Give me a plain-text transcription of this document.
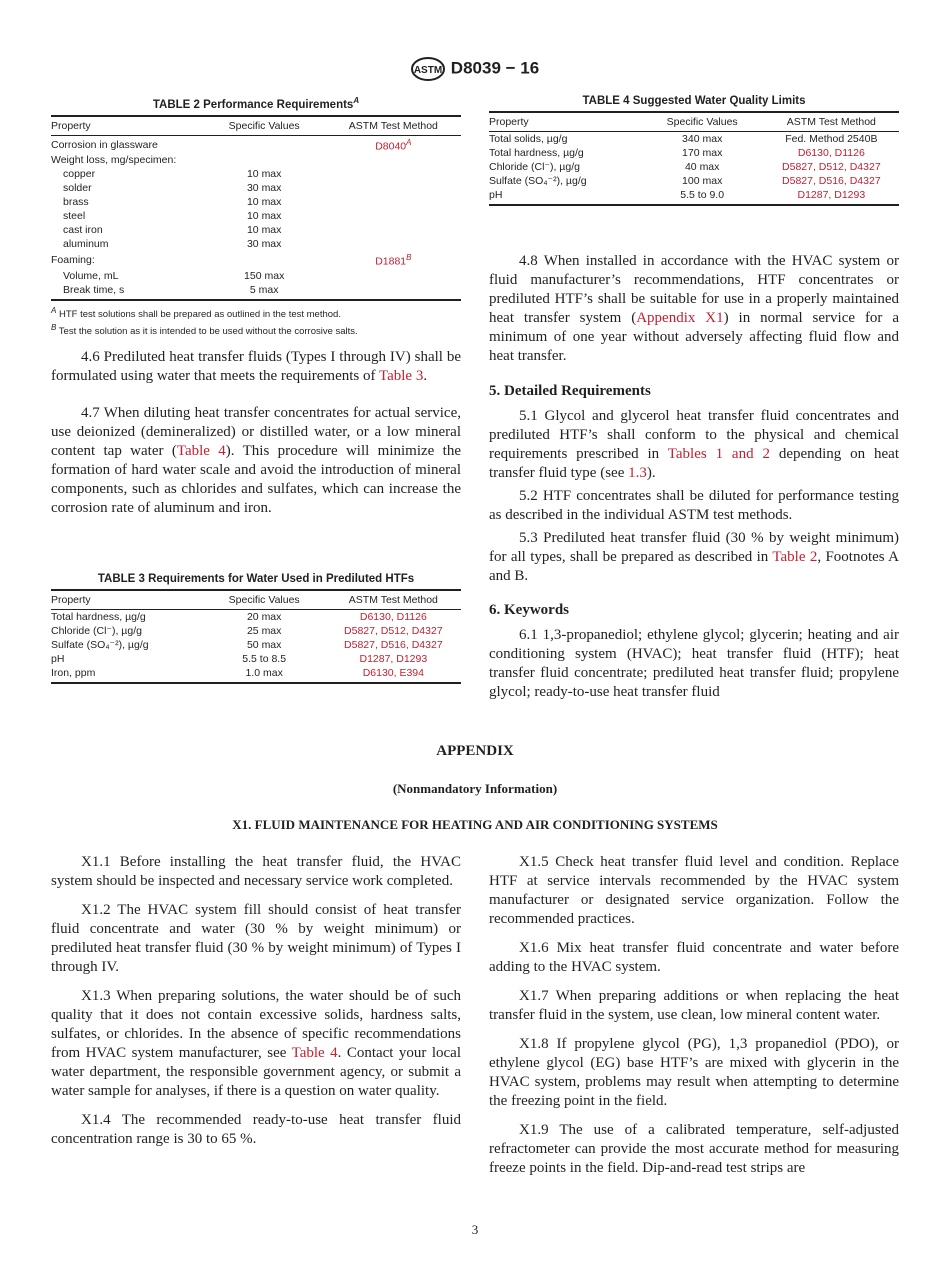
ASTM D8039 − 16
TABLE 2 Performance Requirements$^A$
Property	Specific Values	ASTM Test Method
Corrosion in glassware		$D8040^A$
Weight loss, mg/specimen:		
copper	10 max	
solder	30 max	
brass	10 max	
steel	10 max	
cast iron	10 max	
aluminum	30 max	
Foaming:		$D1881^B$
Volume, mL	150 max	
Break time, s	5 max	
$^A$ HTF test solutions shall be prepared as outlined in the test method.
$^B$ Test the solution as it is intended to be used without the corrosive salts.
TABLE 4 Suggested Water Quality Limits
Property	Specific Values	ASTM Test Method
Total solids, µg/g	340 max	Fed. Method 2540B
Total hardness, µg/g	170 max	D6130, D1126
Chloride (Cl⁻), µg/g	40 max	D5827, D512, D4327
Sulfate (SO₄⁻²), µg/g	100 max	D5827, D516, D4327
pH	5.5 to 9.0	D1287, D1293

4.6 Prediluted heat transfer fluids (Types I through IV) shall be formulated using water that meets the requirements of Table 3.

4.7 When diluting heat transfer concentrates for actual service, use deionized (demineralized) or distilled water, or a low mineral content tap water (Table 4). This procedure will minimize the formation of hard water scale and avoid the introduction of mineral components, such as chlorides and sulfates, which can increase the corrosion rate of aluminum and iron.

TABLE 3 Requirements for Water Used in Prediluted HTFs
Property	Specific Values	ASTM Test Method
Total hardness, µg/g	20 max	D6130, D1126
Chloride (Cl⁻), µg/g	25 max	D5827, D512, D4327
Sulfate (SO₄⁻²), µg/g	50 max	D5827, D516, D4327
pH	5.5 to 8.5	D1287, D1293
Iron, ppm	1.0 max	D6130, E394

4.8 When installed in accordance with the HVAC system or fluid manufacturer’s recommendations, HTF concentrates or prediluted HTF’s shall be suitable for use in a properly maintained heat transfer system (Appendix X1) in normal service for a minimum of one year without adversely affecting fluid flow and heat transfer.

5. Detailed Requirements

5.1 Glycol and glycerol heat transfer fluid concentrates and prediluted HTF’s shall conform to the physical and chemical requirements prescribed in Tables 1 and 2 depending on heat transfer fluid type (see 1.3).

5.2 HTF concentrates shall be diluted for performance testing as described in the individual ASTM test methods.

5.3 Prediluted heat transfer fluid (30 % by weight minimum) for all types, shall be prepared as described in Table 2, Footnotes A and B.

6. Keywords

6.1 1,3-propanediol; ethylene glycol; glycerin; heating and air conditioning system (HVAC); heat transfer fluid (HTF); heat transfer fluid concentrate; prediluted heat transfer fluid; propylene glycol; ready-to-use heat transfer fluid

APPENDIX
(Nonmandatory Information)
X1. FLUID MAINTENANCE FOR HEATING AND AIR CONDITIONING SYSTEMS

X1.1 Before installing the heat transfer fluid, the HVAC system should be inspected and necessary service work completed.

X1.2 The HVAC system fill should consist of heat transfer fluid concentrate and water (30 % by weight minimum) or prediluted heat transfer fluid (30 % by weight minimum) of Types I through IV.

X1.3 When preparing solutions, the water should be of such quality that it does not contain excessive solids, hardness salts, sulfates, or chlorides. In the absence of specific recommendations from HVAC system manufacturer, see Table 4. Contact your local water department, the responsible government agency, or submit a water sample for analyses, if there is a question on water quality.

X1.4 The recommended ready-to-use heat transfer fluid concentration range is 30 to 65 %.

X1.5 Check heat transfer fluid level and condition. Replace HTF at service intervals recommended by the HVAC system manufacturer or designated service organization. Follow the recommended practices.

X1.6 Mix heat transfer fluid concentrate and water before adding to the HVAC system.

X1.7 When preparing additions or when replacing the heat transfer fluid in the system, use clean, low mineral content water.

X1.8 If propylene glycol (PG), 1,3 propanediol (PDO), or ethylene glycol (EG) base HTF’s are mixed with glycerin in the HVAC system, problems may result when attempting to determine the freezing point in the field.

X1.9 The use of a calibrated temperature, self-adjusted refractometer can provide the most accurate method for measuring freeze points in the field. Dip-and-read test strips are

3
